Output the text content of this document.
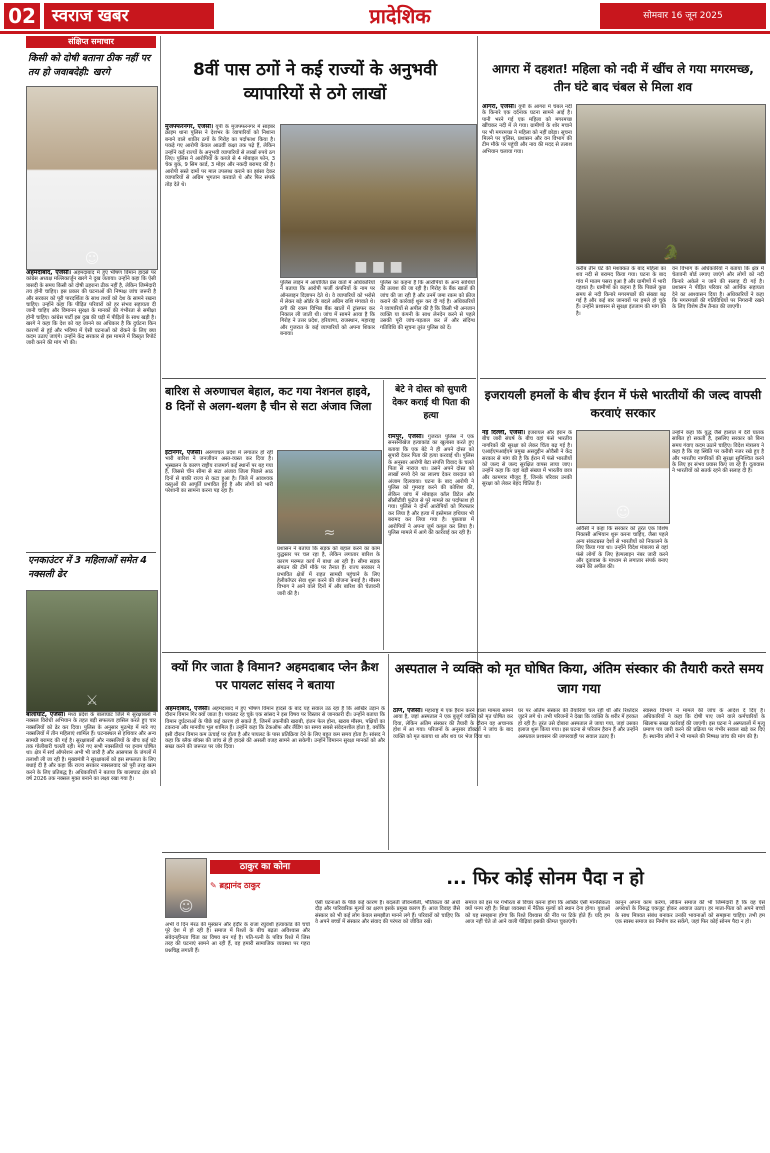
02 स्वराज खबर	प्रादेशिक	सोमवार 16 जून 2025
संक्षिप्त समाचार
किसी को दोषी बताना ठीक नहीं पर तय हो जवाबदेही: खरगे
☺
अहमदाबाद, एजेंसी। अहमदाबाद में हुए भीषण विमान हादसे पर कांग्रेस अध्यक्ष मल्लिकार्जुन खरगे ने दुख जताया। उन्होंने कहा कि ऐसी त्रासदी के समय किसी को दोषी ठहराना ठीक नहीं है, लेकिन जिम्मेदारी तय होनी चाहिए। इस प्रकार की घटनाओं की निष्पक्ष जांच जरूरी है और सरकार को पूरी पारदर्शिता के साथ तथ्यों को देश के सामने रखना चाहिए। उन्होंने कहा कि पीड़ित परिवारों को हर संभव सहायता दी जानी चाहिए और विमानन सुरक्षा के मानकों की गंभीरता से समीक्षा होनी चाहिए। कांग्रेस पार्टी इस दुख की घड़ी में पीड़ितों के साथ खड़ी है। खरगे ने कहा कि देश को यह जानने का अधिकार है कि दुर्घटना किन कारणों से हुई और भविष्य में ऐसी घटनाओं को रोकने के लिए क्या कदम उठाए जाएंगे। उन्होंने केंद्र सरकार से इस मामले में विस्तृत रिपोर्ट जारी करने की मांग भी की।
एनकाउंटर में 3 महिलाओं समेत 4 नक्सली ढेर
⚔
बालाघाट, एजेंसी। मध्य प्रदेश के बालाघाट जिले में सुरक्षाबलों ने नक्सल विरोधी अभियान के तहत बड़ी सफलता हासिल करते हुए चार नक्सलियों को ढेर कर दिया। पुलिस के अनुसार मुठभेड़ में मारे गए नक्सलियों में तीन महिलाएं शामिल हैं। घटनास्थल से हथियार और अन्य सामग्री बरामद की गई है। सुरक्षाबलों और नक्सलियों के बीच कई घंटे तक गोलीबारी चलती रही। मारे गए सभी नक्सलियों पर इनाम घोषित था। क्षेत्र में सर्च ऑपरेशन अभी भी जारी है और आसपास के जंगलों में तलाशी ली जा रही है। मुख्यमंत्री ने सुरक्षाबलों को इस सफलता के लिए बधाई दी है और कहा कि राज्य सरकार नक्सलवाद को पूरी तरह खत्म करने के लिए प्रतिबद्ध है। अधिकारियों ने बताया कि बालाघाट क्षेत्र को वर्ष 2026 तक नक्सल मुक्त बनाने का लक्ष्य रखा गया है।
8वीं पास ठगों ने कई राज्यों के अनुभवी व्यापारियों से ठगे लाखों
मुजफ्फरनगर, एजेंसी। यूपी के मुजफ्फरनगर में साइबर क्राइम थाना पुलिस ने देशभर के व्यापारियों को निशाना बनाने वाले शातिर ठगों के गिरोह का पर्दाफाश किया है। पकड़े गए आरोपी केवल आठवीं कक्षा तक पढ़े हैं, लेकिन उन्होंने कई राज्यों के अनुभवी व्यापारियों से लाखों रुपये ठग लिए। पुलिस ने आरोपियों के कब्जे से 4 मोबाइल फोन, 3 चेक बुक, 9 सिम कार्ड, 3 मोहर और नकदी बरामद की है। आरोपी सस्ते दामों पर माल उपलब्ध कराने का झांसा देकर व्यापारियों से अग्रिम भुगतान करवाते थे और फिर संपर्क तोड़ देते थे।
■ ■ ■
पुलिस लाइन में आयोजित प्रेस वार्ता में अधिकारियों ने बताया कि आरोपी फर्जी कंपनियों के नाम पर ऑनलाइन विज्ञापन देते थे। वे व्यापारियों को भरोसे में लेकर बड़े ऑर्डर के बदले अग्रिम राशि मंगवाते थे। ठगी की रकम विभिन्न बैंक खातों में ट्रांसफर कर निकाल ली जाती थी। जांच में सामने आया है कि गिरोह ने उत्तर प्रदेश, हरियाणा, राजस्थान, महाराष्ट्र और गुजरात के कई व्यापारियों को अपना शिकार बनाया।
पुलिस का कहना है कि आरोपियों के अन्य साथियों की तलाश की जा रही है। गिरोह के बैंक खातों की जांच की जा रही है और उनमें जमा रकम को फ्रीज कराने की कार्रवाई शुरू कर दी गई है। अधिकारियों ने व्यापारियों से अपील की है कि किसी भी अनजान व्यक्ति या कंपनी के साथ लेनदेन करने से पहले उसकी पूरी जांच-पड़ताल कर लें और संदिग्ध गतिविधि की सूचना तुरंत पुलिस को दें।
आगरा में दहशत! महिला को नदी में खींच ले गया मगरमच्छ, तीन घंटे बाद चंबल से मिला शव
आगरा, एजेंसी। यूपी के आगरा में चंबल नदी के किनारे एक दर्दनाक घटना सामने आई है। पानी भरने गई एक महिला को मगरमच्छ खींचकर नदी में ले गया। ग्रामीणों के शोर मचाने पर भी मगरमच्छ ने महिला को नहीं छोड़ा। सूचना मिलने पर पुलिस, प्रशासन और वन विभाग की टीम मौके पर पहुंची और नाव की मदद से तलाश अभियान चलाया गया।
🐊
करीब तीन घंटे की मशक्कत के बाद महिला का शव नदी से बरामद किया गया। घटना के बाद गांव में मातम पसरा हुआ है और ग्रामीणों में भारी दहशत है। ग्रामीणों का कहना है कि पिछले कुछ समय से नदी किनारे मगरमच्छों की संख्या बढ़ गई है और कई बार जानवरों पर हमले हो चुके हैं। उन्होंने प्रशासन से सुरक्षा इंतजाम की मांग की है।
वन विभाग के अधिकारियों ने बताया कि क्षेत्र में चेतावनी बोर्ड लगाए जाएंगे और लोगों को नदी किनारे अकेले न जाने की सलाह दी गई है। प्रशासन ने पीड़ित परिवार को आर्थिक सहायता देने का आश्वासन दिया है। अधिकारियों ने कहा कि मगरमच्छों की गतिविधियों पर निगरानी रखने के लिए विशेष टीम तैनात की जाएगी।
बारिश से अरुणाचल बेहाल, कट गया नेशनल हाइवे, 8 दिनों से अलग-थलग है चीन से सटा अंजाव जिला
ईटानगर, एजेंसी। अरुणाचल प्रदेश में लगातार हो रही भारी बारिश ने जनजीवन अस्त-व्यस्त कर दिया है। भूस्खलन के कारण राष्ट्रीय राजमार्ग कई स्थानों पर बह गया है, जिससे चीन सीमा से सटा अंजाव जिला पिछले आठ दिनों से बाकी राज्य से कटा हुआ है। जिले में आवश्यक वस्तुओं की आपूर्ति प्रभावित हुई है और लोगों को भारी परेशानी का सामना करना पड़ रहा है।
≈
प्रशासन ने बताया कि सड़क को बहाल करने का काम युद्धस्तर पर चल रहा है, लेकिन लगातार बारिश के कारण मरम्मत कार्य में बाधा आ रही है। सीमा सड़क संगठन की टीमें मौके पर तैनात हैं। राज्य सरकार ने प्रभावित क्षेत्रों में राहत सामग्री पहुंचाने के लिए हेलीकॉप्टर सेवा शुरू करने की योजना बनाई है। मौसम विभाग ने आने वाले दिनों में और बारिश की चेतावनी जारी की है।
बेटे ने दोस्त को सुपारी देकर कराई थी पिता की हत्या
रामपुर, एजेंसी। गुजरात पुलिस ने एक सनसनीखेज हत्याकांड का खुलासा करते हुए बताया कि एक बेटे ने ही अपने दोस्त को सुपारी देकर पिता की हत्या करवाई थी। पुलिस के अनुसार आरोपी बेटा संपत्ति विवाद के चलते पिता से नाराज था। उसने अपने दोस्त को लाखों रुपये देने का लालच देकर वारदात को अंजाम दिलवाया। घटना के बाद आरोपी ने पुलिस को गुमराह करने की कोशिश की, लेकिन जांच में मोबाइल कॉल डिटेल और सीसीटीवी फुटेज से पूरे मामले का पर्दाफाश हो गया। पुलिस ने दोनों आरोपियों को गिरफ्तार कर लिया है और हत्या में इस्तेमाल हथियार भी बरामद कर लिया गया है। पूछताछ में आरोपियों ने अपना जुर्म कबूल कर लिया है। पुलिस मामले में आगे की कार्रवाई कर रही है।
इजरायली हमलों के बीच ईरान में फंसे भारतीयों की जल्द वापसी करवाएं सरकार
नई दिल्ली, एजेंसी। इजरायल और ईरान के बीच जारी संघर्ष के बीच वहां फंसे भारतीय नागरिकों की सुरक्षा को लेकर चिंता बढ़ गई है। एआईएमआईएम प्रमुख असदुद्दीन ओवैसी ने केंद्र सरकार से मांग की है कि ईरान में फंसे भारतीयों को जल्द से जल्द सुरक्षित वापस लाया जाए। उन्होंने कहा कि वहां बड़ी संख्या में भारतीय छात्र और कामगार मौजूद हैं, जिनके परिवार उनकी सुरक्षा को लेकर बेहद चिंतित हैं।
☺
ओवैसी ने कहा कि सरकार को तुरंत एक विशेष निकासी अभियान शुरू करना चाहिए, जैसा पहले अन्य संकटग्रस्त देशों से भारतीयों को निकालने के लिए किया गया था। उन्होंने विदेश मंत्रालय से वहां फंसे लोगों के लिए हेल्पलाइन नंबर जारी करने और दूतावास के माध्यम से लगातार संपर्क बनाए रखने की अपील की।
उन्होंने कहा कि युद्ध जैसे हालात में देरी घातक साबित हो सकती है, इसलिए सरकार को बिना समय गंवाए कदम उठाने चाहिए। विदेश मंत्रालय ने कहा है कि वह स्थिति पर करीबी नजर रखे हुए है और भारतीय नागरिकों की सुरक्षा सुनिश्चित करने के लिए हर संभव प्रयास किए जा रहे हैं। दूतावास ने भारतीयों को सतर्क रहने की सलाह दी है।
क्यों गिर जाता है विमान? अहमदाबाद प्लेन क्रैश पर पायलट सांसद ने बताया
अहमदाबाद, एजेंसी। अहमदाबाद में हुए भीषण विमान हादसे के बाद यह सवाल उठ रहा है कि आखिर उड़ान के दौरान विमान गिर क्यों जाता है। पायलट रह चुके एक सांसद ने इस विषय पर विस्तार से जानकारी दी। उन्होंने बताया कि विमान दुर्घटनाओं के पीछे कई कारण हो सकते हैं, जिनमें तकनीकी खराबी, इंजन फेल होना, खराब मौसम, पक्षियों का टकराना और मानवीय भूल शामिल हैं। उन्होंने कहा कि टेकऑफ और लैंडिंग का समय सबसे संवेदनशील होता है, क्योंकि इसी दौरान विमान कम ऊंचाई पर होता है और पायलट के पास प्रतिक्रिया देने के लिए बहुत कम समय होता है। सांसद ने कहा कि ब्लैक बॉक्स की जांच से ही हादसे की असली वजह सामने आ सकेगी। उन्होंने विमानन सुरक्षा मानकों को और सख्त करने की जरूरत पर जोर दिया।
अस्पताल ने व्यक्ति को मृत घोषित किया, अंतिम संस्कार की तैयारी करते समय जाग गया
ठाणे, एजेंसी। महाराष्ट्र में एक हैरान करने वाला मामला सामने आया है, जहां अस्पताल ने एक बुजुर्ग व्यक्ति को मृत घोषित कर दिया, लेकिन अंतिम संस्कार की तैयारी के दौरान वह अचानक होश में आ गया। परिजनों के अनुसार डॉक्टरों ने जांच के बाद व्यक्ति को मृत बताया था और शव घर भेज दिया था।
घर पर अंतिम संस्कार की तैयारियां चल रही थीं और रिश्तेदार जुटने लगे थे। तभी परिजनों ने देखा कि व्यक्ति के शरीर में हरकत हो रही है। तुरंत उसे दोबारा अस्पताल ले जाया गया, जहां उसका इलाज शुरू किया गया। इस घटना से परिजन हैरान हैं और उन्होंने अस्पताल प्रशासन की लापरवाही पर सवाल उठाए हैं।
स्वास्थ्य विभाग ने मामले की जांच के आदेश दे दिए हैं। अधिकारियों ने कहा कि दोषी पाए जाने वाले कर्मचारियों के खिलाफ सख्त कार्रवाई की जाएगी। इस घटना ने अस्पतालों में मृत्यु प्रमाण पत्र जारी करने की प्रक्रिया पर गंभीर सवाल खड़े कर दिए हैं। स्थानीय लोगों ने भी मामले की निष्पक्ष जांच की मांग की है।
☺
ठाकुर का कोना
✎ ब्रह्मानंद ठाकुर	... फिर कोई सोनम पैदा न हो
अभी ये दिन मेरठ की मुस्कान और इंदौर के राजा रघुवंशी हत्याकांड की चर्चा पूरे देश में हो रही है। समाज में रिश्तों के बीच बढ़ता अविश्वास और संवेदनहीनता चिंता का विषय बन गई है। पति-पत्नी के पवित्र रिश्ते में जिस तरह की घटनाएं सामने आ रही हैं, वह हमारी सामाजिक व्यवस्था पर गहरा प्रश्नचिह्न लगाती हैं।
ऐसी घटनाओं के पीछे कई कारण हैं। बदलती जीवनशैली, भौतिकता की अंधी दौड़ और पारिवारिक मूल्यों का क्षरण इसके प्रमुख कारण हैं। आज विवाह जैसे संस्कार को भी कई लोग केवल समझौता मानने लगे हैं। परिवारों को चाहिए कि वे अपने बच्चों में संस्कार और संवाद की परंपरा को जीवित रखें।
समाज को इस पर गंभीरता से विचार करना होगा कि आखिर ऐसी मानसिकता क्यों पनप रही है। शिक्षा व्यवस्था में नैतिक मूल्यों को स्थान देना होगा। युवाओं को यह समझाना होगा कि रिश्ते विश्वास की नींव पर टिके होते हैं। यदि हम आज नहीं चेते तो आने वाली पीढ़ियां इसकी कीमत चुकाएंगी।
कानून अपना काम करेगा, लेकिन समाज की भी जिम्मेदारी है कि वह ऐसे अपराधों के विरुद्ध एकजुट होकर आवाज उठाए। हर माता-पिता को अपने बच्चों के साथ मित्रवत संबंध बनाकर उनकी भावनाओं को समझना चाहिए। तभी हम एक स्वस्थ समाज का निर्माण कर सकेंगे, जहां फिर कोई सोनम पैदा न हो।
